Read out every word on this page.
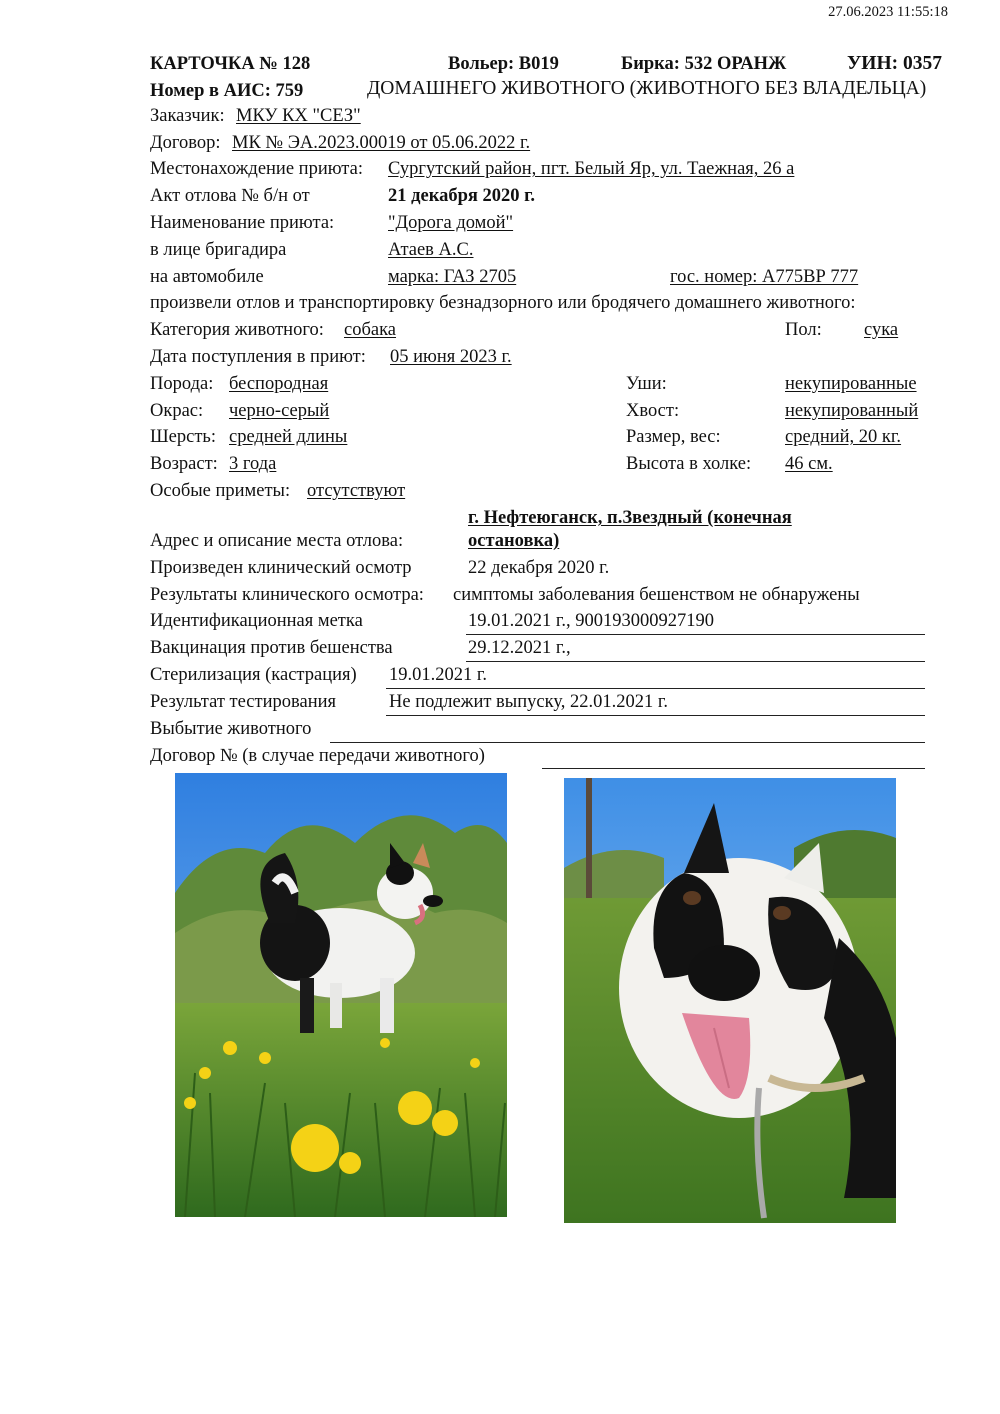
27.06.2023 11:55:18
КАРТОЧКА № 128	Вольер: В019	Бирка: 532 ОРАНЖ	УИН: 0357
Номер в АИС: 759	ДОМАШНЕГО ЖИВОТНОГО (ЖИВОТНОГО БЕЗ ВЛАДЕЛЬЦА)
Заказчик: МКУ КХ "СЕЗ"
Договор: МК № ЭА.2023.00019 от 05.06.2022 г.
Местонахождение приюта: Сургутский район, пгт. Белый Яр, ул. Таежная, 26 а
Акт отлова № б/н от	21 декабря 2020 г.
Наименование приюта:	"Дорога домой"
в лице бригадира	Атаев А.С.
на автомобиле	марка: ГАЗ 2705	гос. номер: А775ВР 777
произвели отлов и транспортировку безнадзорного или бродячего домашнего животного:
Категория животного: собака	Пол: сука
Дата поступления в приют: 05 июня 2023 г.
Порода: беспородная	Уши:	некупированные
Окрас: черно-серый	Хвост:	некупированный
Шерсть: средней длины	Размер, вес:	средний, 20 кг.
Возраст: 3 года	Высота в холке: 46 см.
Особые приметы: отсутствуют
г. Нефтеюганск, п.Звездный (конечная
Адрес и описание места отлова:	остановка)
Произведен клинический осмотр	22 декабря 2020 г.
Результаты клинического осмотра: симптомы заболевания бешенством не обнаружены
Идентификационная метка	19.01.2021 г., 900193000927190
Вакцинация против бешенства	29.12.2021 г.,
Стерилизация (кастрация) 19.01.2021 г.
Результат тестирования	Не подлежит выпуску, 22.01.2021 г.
Выбытие животного
Договор № (в случае передачи животного)
